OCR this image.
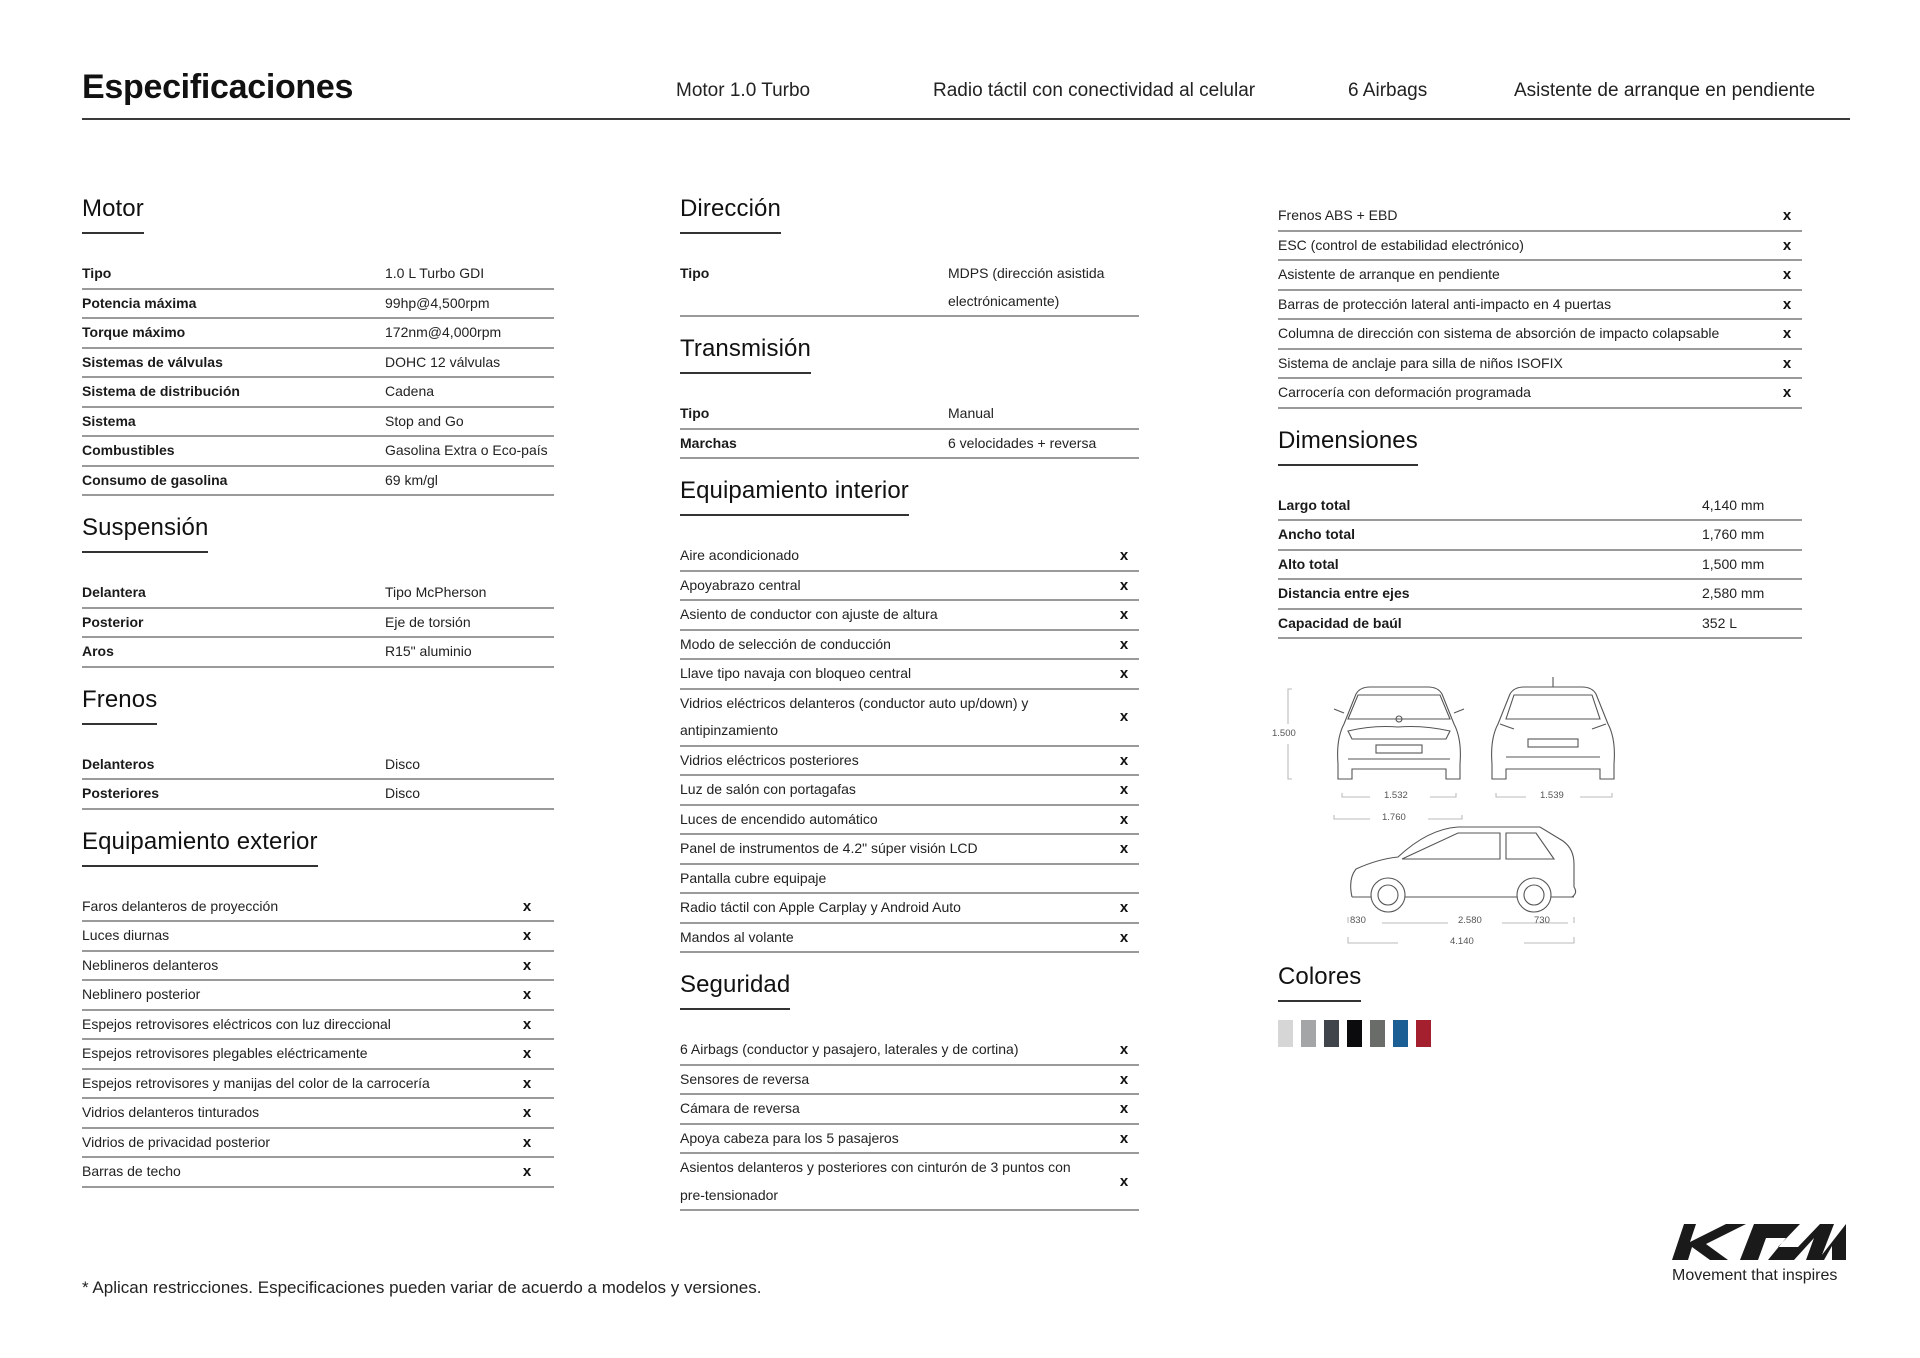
Especificaciones	Motor 1.0 Turbo	Radio táctil con conectividad al celular	6 Airbags	Asistente de arranque en pendiente
Motor
Tipo	1.0 L Turbo GDI
Potencia máxima	99hp@4,500rpm
Torque máximo	172nm@4,000rpm
Sistemas de válvulas	DOHC 12 válvulas
Sistema de distribución	Cadena
Sistema	Stop and Go
Combustibles	Gasolina Extra o Eco-país
Consumo de gasolina	69 km/gl
Suspensión
Delantera	Tipo McPherson
Posterior	Eje de torsión
Aros	R15" aluminio
Frenos
Delanteros	Disco
Posteriores	Disco
Equipamiento exterior
Faros delanteros de proyección	x
Luces diurnas	x
Neblineros delanteros	x
Neblinero posterior	x
Espejos retrovisores eléctricos con luz direccional	x
Espejos retrovisores plegables eléctricamente	x
Espejos retrovisores y manijas del color de la carrocería	x
Vidrios delanteros tinturados	x
Vidrios de privacidad posterior	x
Barras de techo	x
Dirección
Tipo	MDPS (dirección asistida electrónicamente)
Transmisión
Tipo	Manual
Marchas	6 velocidades + reversa
Equipamiento interior
Aire acondicionado	x
Apoyabrazo central	x
Asiento de conductor con ajuste de altura	x
Modo de selección de conducción	x
Llave tipo navaja con bloqueo central	x
Vidrios eléctricos delanteros (conductor auto up/down) y antipinzamiento
x
Vidrios eléctricos posteriores	x
Luz de salón con portagafas	x
Luces de encendido automático	x
Panel de instrumentos de 4.2" súper visión LCD	x
Pantalla cubre equipaje
Radio táctil con Apple Carplay y Android Auto	x
Mandos al volante	x
Seguridad
6 Airbags (conductor y pasajero, laterales y de cortina)	x
Sensores de reversa	x
Cámara de reversa	x
Apoya cabeza para los 5 pasajeros	x
Asientos delanteros y posteriores con cinturón de 3 puntos con pre-tensionador
x
Frenos ABS + EBD	x
ESC (control de estabilidad electrónico)	x
Asistente de arranque en pendiente	x
Barras de protección lateral anti-impacto en 4 puertas	x
Columna de dirección con sistema de absorción de impacto colapsable	x
Sistema de anclaje para silla de niños ISOFIX	x
Carrocería con deformación programada	x
Dimensiones
Largo total	4,140 mm
Ancho total	1,760 mm
Alto total	1,500 mm
Distancia entre ejes	2,580 mm
Capacidad de baúl	352 L
1.500
1.532
1.760
1.539
830	2.580	730
4.140
Colores
* Aplican restricciones. Especificaciones pueden variar de acuerdo a modelos y versiones.
Movement that inspires
